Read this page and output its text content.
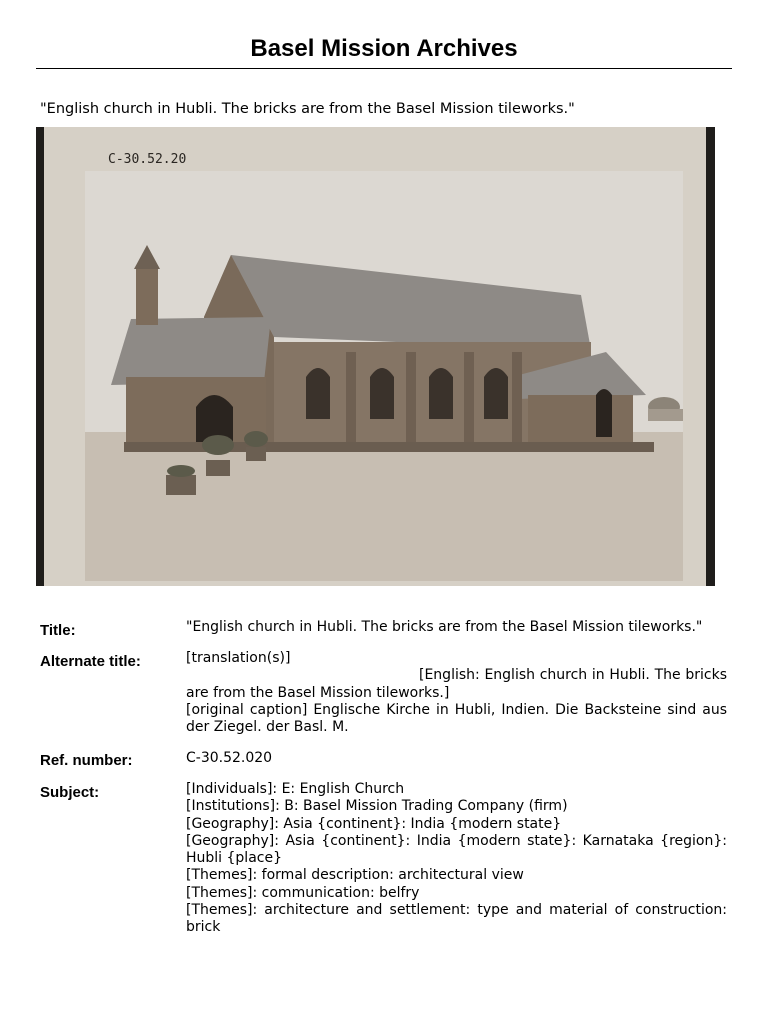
Basel Mission Archives
"English church in Hubli. The bricks are from the Basel Mission tileworks."
C-30.52.20
Title:	"English church in Hubli. The bricks are from the Basel Mission tileworks."
Alternate title:	[translation(s)]
[English: English church in Hubli. The bricks are from the Basel Mission tileworks.]
[original caption] Englische Kirche in Hubli, Indien. Die Backsteine sind aus der Ziegel. der Basl. M.
Ref. number:	C-30.52.020
Subject:	[Individuals]: E: English Church
[Institutions]: B: Basel Mission Trading Company (firm)
[Geography]: Asia {continent}: India {modern state}
[Geography]: Asia {continent}: India {modern state}: Karnataka {region}: Hubli {place}
[Themes]: formal description: architectural view
[Themes]: communication: belfry
[Themes]: architecture and settlement: type and material of construction: brick
